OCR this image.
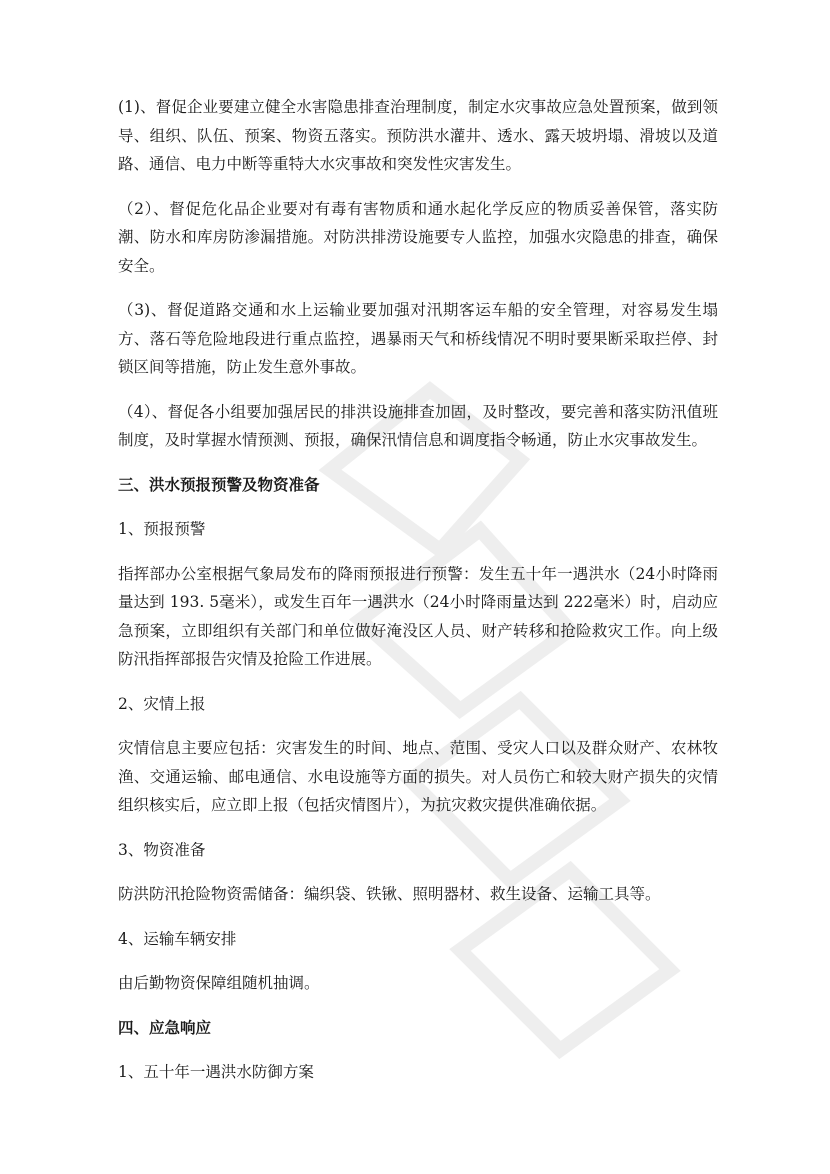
(1)、督促企业要建立健全水害隐患排查治理制度，制定水灾事故应急处置预案，做到领导、组织、队伍、预案、物资五落实。预防洪水灌井、透水、露天坡坍塌、滑坡以及道路、通信、电力中断等重特大水灾事故和突发性灾害发生。

（2）、督促危化品企业要对有毒有害物质和通水起化学反应的物质妥善保管，落实防潮、防水和库房防渗漏措施。对防洪排涝设施要专人监控，加强水灾隐患的排查，确保安全。

（3)、督促道路交通和水上运输业要加强对汛期客运车船的安全管理，对容易发生塌方、落石等危险地段进行重点监控，遇暴雨天气和桥线情况不明时要果断采取拦停、封锁区间等措施，防止发生意外事故。

（4）、督促各小组要加强居民的排洪设施排查加固，及时整改，要完善和落实防汛值班制度，及时掌握水情预测、预报，确保汛情信息和调度指令畅通，防止水灾事故发生。

三、洪水预报预警及物资准备

1、预报预警

指挥部办公室根据气象局发布的降雨预报进行预警：发生五十年一遇洪水（24小时降雨量达到 193. 5毫米），或发生百年一遇洪水（24小时降雨量达到 222毫米）时，启动应急预案，立即组织有关部门和单位做好淹没区人员、财产转移和抢险救灾工作。向上级防汛指挥部报告灾情及抢险工作进展。

2、灾情上报

灾情信息主要应包括：灾害发生的时间、地点、范围、受灾人口以及群众财产、农林牧渔、交通运输、邮电通信、水电设施等方面的损失。对人员伤亡和较大财产损失的灾情组织核实后，应立即上报（包括灾情图片），为抗灾救灾提供准确依据。

3、物资准备

防洪防汛抢险物资需储备：编织袋、铁锹、照明器材、救生设备、运输工具等。

4、运输车辆安排

由后勤物资保障组随机抽调。

四、应急响应

1、五十年一遇洪水防御方案
